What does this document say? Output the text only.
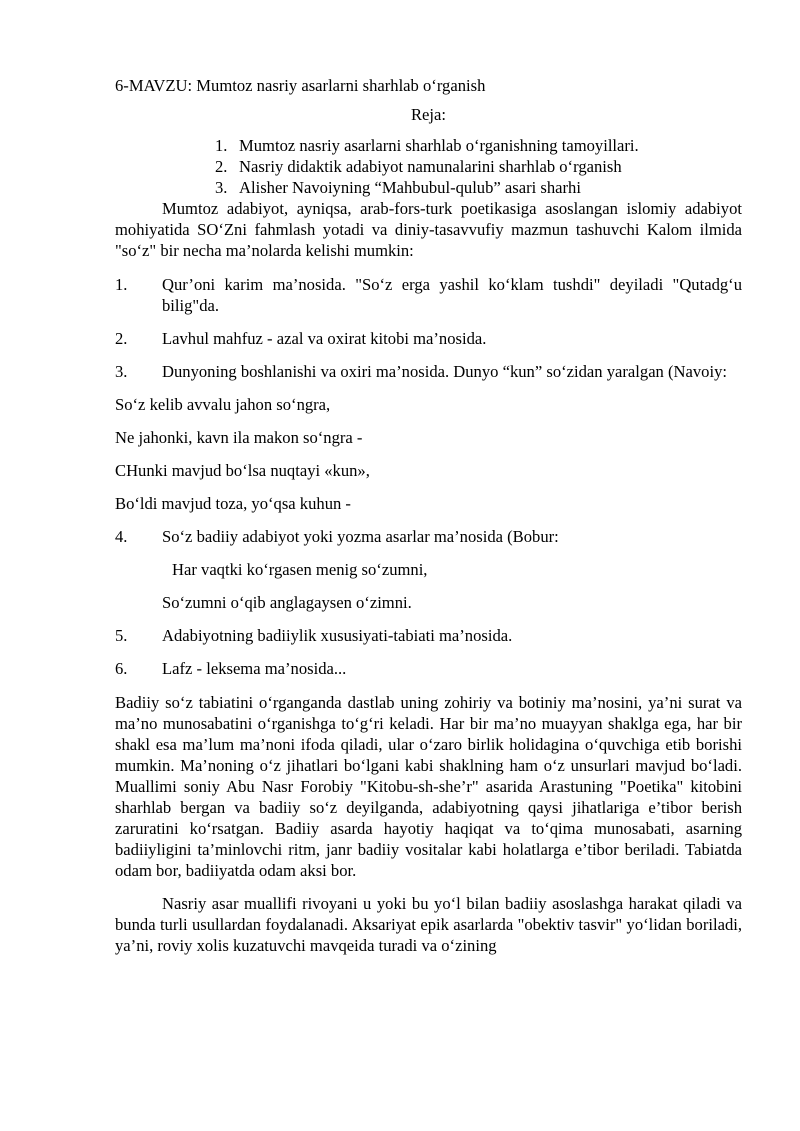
6-MAVZU: Mumtoz nasriy asarlarni sharhlab o‘rganish

Reja:
1. Mumtoz nasriy asarlarni sharhlab o‘rganishning tamoyillari.
2. Nasriy didaktik adabiyot namunalarini sharhlab o‘rganish
3. Alisher Navoiyning “Mahbubul-qulub” asari sharhi

Mumtoz adabiyot, ayniqsa, arab-fors-turk poetikasiga asoslangan islomiy adabiyot mohiyatida SO‘Zni fahmlash yotadi va diniy-tasavvufiy mazmun tashuvchi Kalom ilmida "so‘z" bir necha ma’nolarda kelishi mumkin:

1.	Qur’oni karim ma’nosida. "So‘z erga yashil ko‘klam tushdi" deyiladi "Qutadg‘u bilig"da.
2.	Lavhul mahfuz - azal va oxirat kitobi ma’nosida.
3.	Dunyoning boshlanishi va oxiri ma’nosida. Dunyo “kun” so‘zidan yaralgan (Navoiy:

So‘z kelib avvalu jahon so‘ngra,

Ne jahonki, kavn ila makon so‘ngra -

CHunki mavjud bo‘lsa nuqtayi «kun»,

Bo‘ldi mavjud toza, yo‘qsa kuhun -

4.	So‘z badiiy adabiyot yoki yozma asarlar ma’nosida (Bobur:

Har vaqtki ko‘rgasen menig so‘zumni,

So‘zumni o‘qib anglagaysen o‘zimni.

5.	Adabiyotning badiiylik xususiyati-tabiati ma’nosida.
6.	Lafz - leksema ma’nosida...

Badiiy so‘z tabiatini o‘rganganda dastlab uning zohiriy va botiniy ma’nosini, ya’ni surat va ma’no munosabatini o‘rganishga to‘g‘ri keladi. Har bir ma’no muayyan shaklga ega, har bir shakl esa ma’lum ma’noni ifoda qiladi, ular o‘zaro birlik holidagina o‘quvchiga etib borishi mumkin. Ma’noning o‘z jihatlari bo‘lgani kabi shaklning ham o‘z unsurlari mavjud bo‘ladi. Muallimi soniy Abu Nasr Forobiy "Kitobu-sh-she’r" asarida Arastuning "Poetika" kitobini sharhlab bergan va badiiy so‘z deyilganda, adabiyotning qaysi jihatlariga e’tibor berish zaruratini ko‘rsatgan. Badiiy asarda hayotiy haqiqat va to‘qima munosabati, asarning badiiyligini ta’minlovchi ritm, janr badiiy vositalar kabi holatlarga e’tibor beriladi. Tabiatda odam bor, badiiyatda odam aksi bor.

Nasriy asar muallifi rivoyani u yoki bu yo‘l bilan badiiy asoslashga harakat qiladi va bunda turli usullardan foydalanadi. Aksariyat epik asarlarda "obektiv tasvir" yo‘lidan boriladi, ya’ni, roviy xolis kuzatuvchi mavqeida turadi va o‘zining
